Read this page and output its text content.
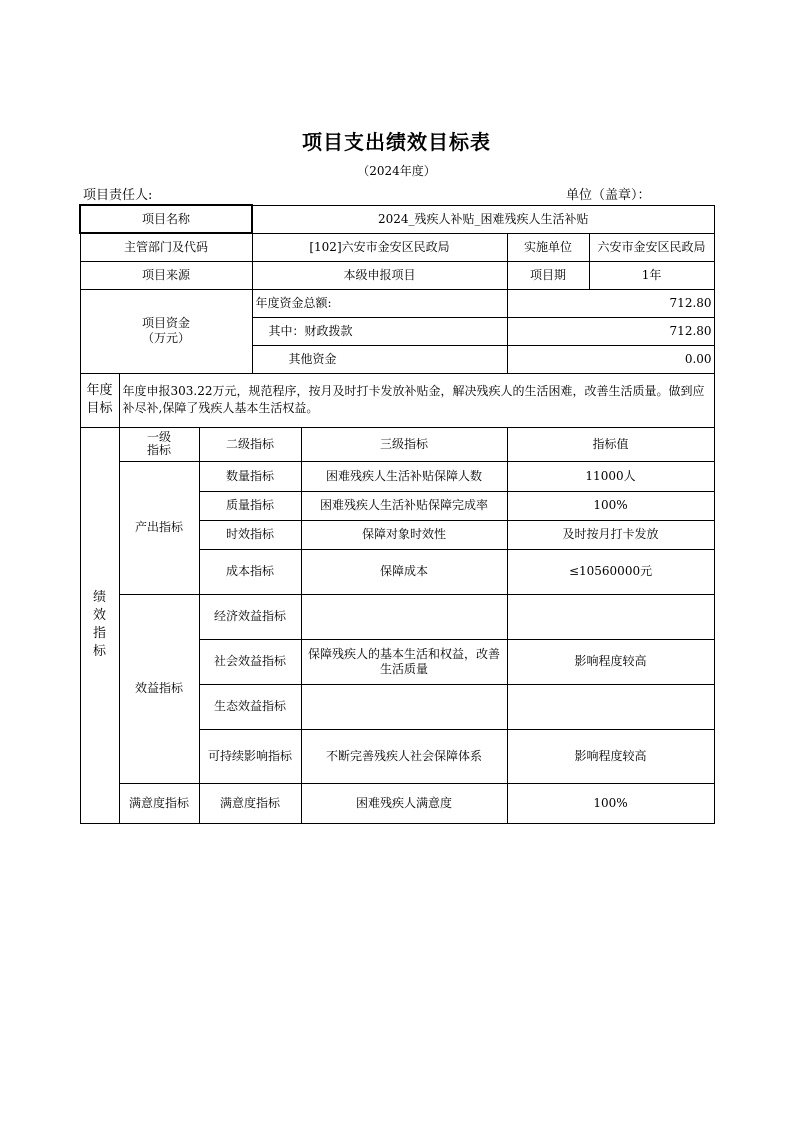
项目支出绩效目标表
（2024年度）
项目责任人:	单位（盖章）：
项目名称			2024_残疾人补贴_困难残疾人生活补贴			
主管部门及代码			[102]六安市金安区民政局		实施单位	六安市金安区民政局
项目来源			本级申报项目		项目期	1年

项目资金
（万元）			年度资金总额:		712.80	
			其中：财政拨款		712.80	
			其他资金		0.00	

年度
目标	年度申报303.22万元，规范程序，按月及时打卡发放补贴金，解决残疾人的生活困难，改善生活质量。做到应补尽补,保障了残疾人基本生活权益。					

绩效指标	一级指标	二级指标		三级指标	指标值	
	产出指标	数量指标		困难残疾人生活补贴保障人数	11000人	
		质量指标		困难残疾人生活补贴保障完成率	100%	
		时效指标		保障对象时效性	及时按月打卡发放	
		成本指标		保障成本	≤10560000元	
	效益指标	经济效益指标				
		社会效益指标		保障残疾人的基本生活和权益，改善生活质量	影响程度较高	
		生态效益指标				
		可持续影响指标		不断完善残疾人社会保障体系	影响程度较高	
	满意度指标	满意度指标		困难残疾人满意度	100%	
